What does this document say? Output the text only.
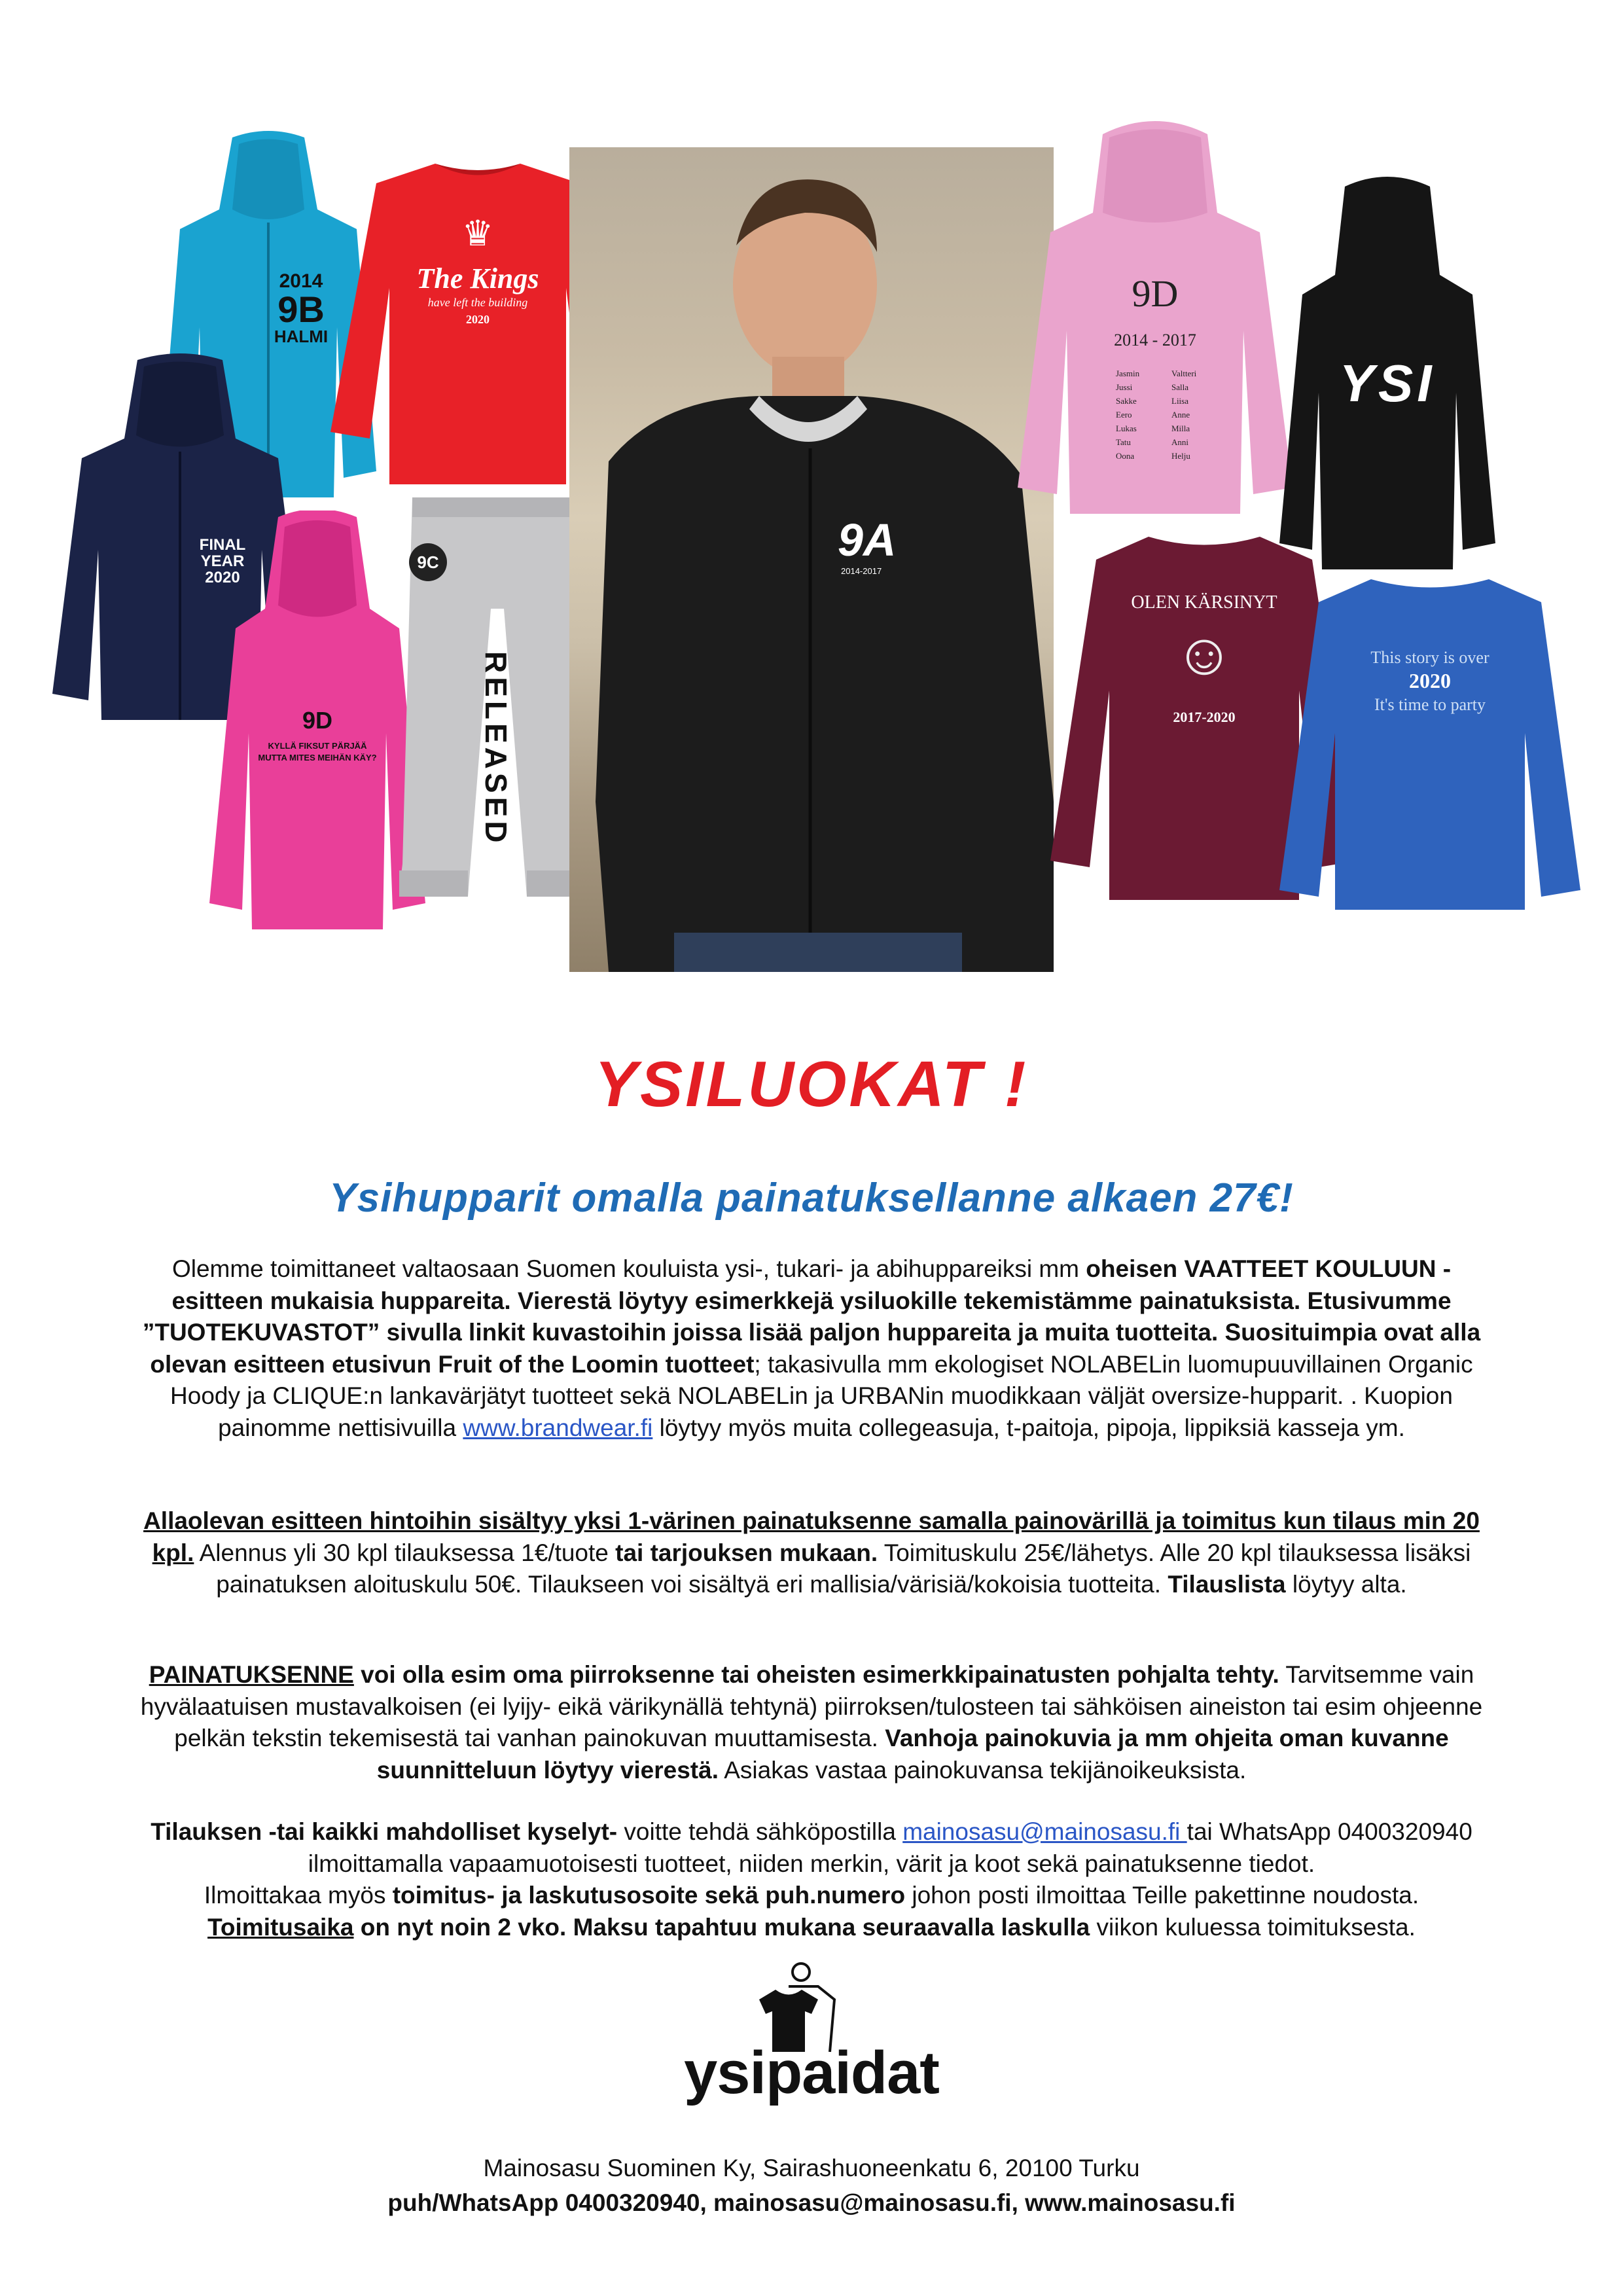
2014
9B
HALMI
♛
The Kings
have left the building
2020
FINAL
YEAR
2020
9D
KYLLÄ FIKSUT PÄRJÄÄ
MUTTA MITES MEIHÄN KÄY?
9C
RELEASED
9A
2014-2017
9D
2014 - 2017
Jasmin
Jussi
Sakke
Eero
Lukas
Tatu
Oona
Valtteri
Salla
Liisa
Anne
Milla
Anni
Helju
YSI
OLEN KÄRSINYT
☺
2017-2020
This story is over
2020
It's time to party
YSILUOKAT !
Ysihupparit omalla painatuksellanne alkaen 27€!
Olemme toimittaneet valtaosaan Suomen kouluista ysi-, tukari- ja abihuppareiksi mm oheisen VAATTEET KOULUUN - esitteen mukaisia huppareita. Vierestä löytyy esimerkkejä ysiluokille tekemistämme painatuksista. Etusivumme ”TUOTEKUVASTOT” sivulla linkit kuvastoihin joissa lisää paljon huppareita ja muita tuotteita. Suosituimpia ovat alla olevan esitteen etusivun Fruit of the Loomin tuotteet; takasivulla mm ekologiset NOLABELin luomupuuvillainen Organic Hoody ja CLIQUE:n lankavärjätyt tuotteet sekä NOLABELin ja URBANin muodikkaan väljät oversize-hupparit. . Kuopion painomme nettisivuilla www.brandwear.fi löytyy myös muita collegeasuja, t-paitoja, pipoja, lippiksiä kasseja ym.
Allaolevan esitteen hintoihin sisältyy yksi 1-värinen painatuksenne samalla painovärillä ja toimitus kun tilaus min 20 kpl. Alennus yli 30 kpl tilauksessa 1€/tuote tai tarjouksen mukaan. Toimituskulu 25€/lähetys. Alle 20 kpl tilauksessa lisäksi painatuksen aloituskulu 50€. Tilaukseen voi sisältyä eri mallisia/värisiä/kokoisia tuotteita. Tilauslista löytyy alta.
PAINATUKSENNE voi olla esim oma piirroksenne tai oheisten esimerkkipainatusten pohjalta tehty. Tarvitsemme vain hyvälaatuisen mustavalkoisen (ei lyijy- eikä värikynällä tehtynä) piirroksen/tulosteen tai sähköisen aineiston tai esim ohjeenne pelkän tekstin tekemisestä tai vanhan painokuvan muuttamisesta. Vanhoja painokuvia ja mm ohjeita oman kuvanne suunnitteluun löytyy vierestä. Asiakas vastaa painokuvansa tekijänoikeuksista.
Tilauksen -tai kaikki mahdolliset kyselyt- voitte tehdä sähköpostilla mainosasu@mainosasu.fi tai WhatsApp 0400320940 ilmoittamalla vapaamuotoisesti tuotteet, niiden merkin, värit ja koot sekä painatuksenne tiedot.
Ilmoittakaa myös toimitus- ja laskutusosoite sekä puh.numero johon posti ilmoittaa Teille pakettinne noudosta.
Toimitusaika on nyt noin 2 vko. Maksu tapahtuu mukana seuraavalla laskulla viikon kuluessa toimituksesta.
ysipaidat
Mainosasu Suominen Ky, Sairashuoneenkatu 6, 20100 Turku
puh/WhatsApp 0400320940, mainosasu@mainosasu.fi, www.mainosasu.fi
